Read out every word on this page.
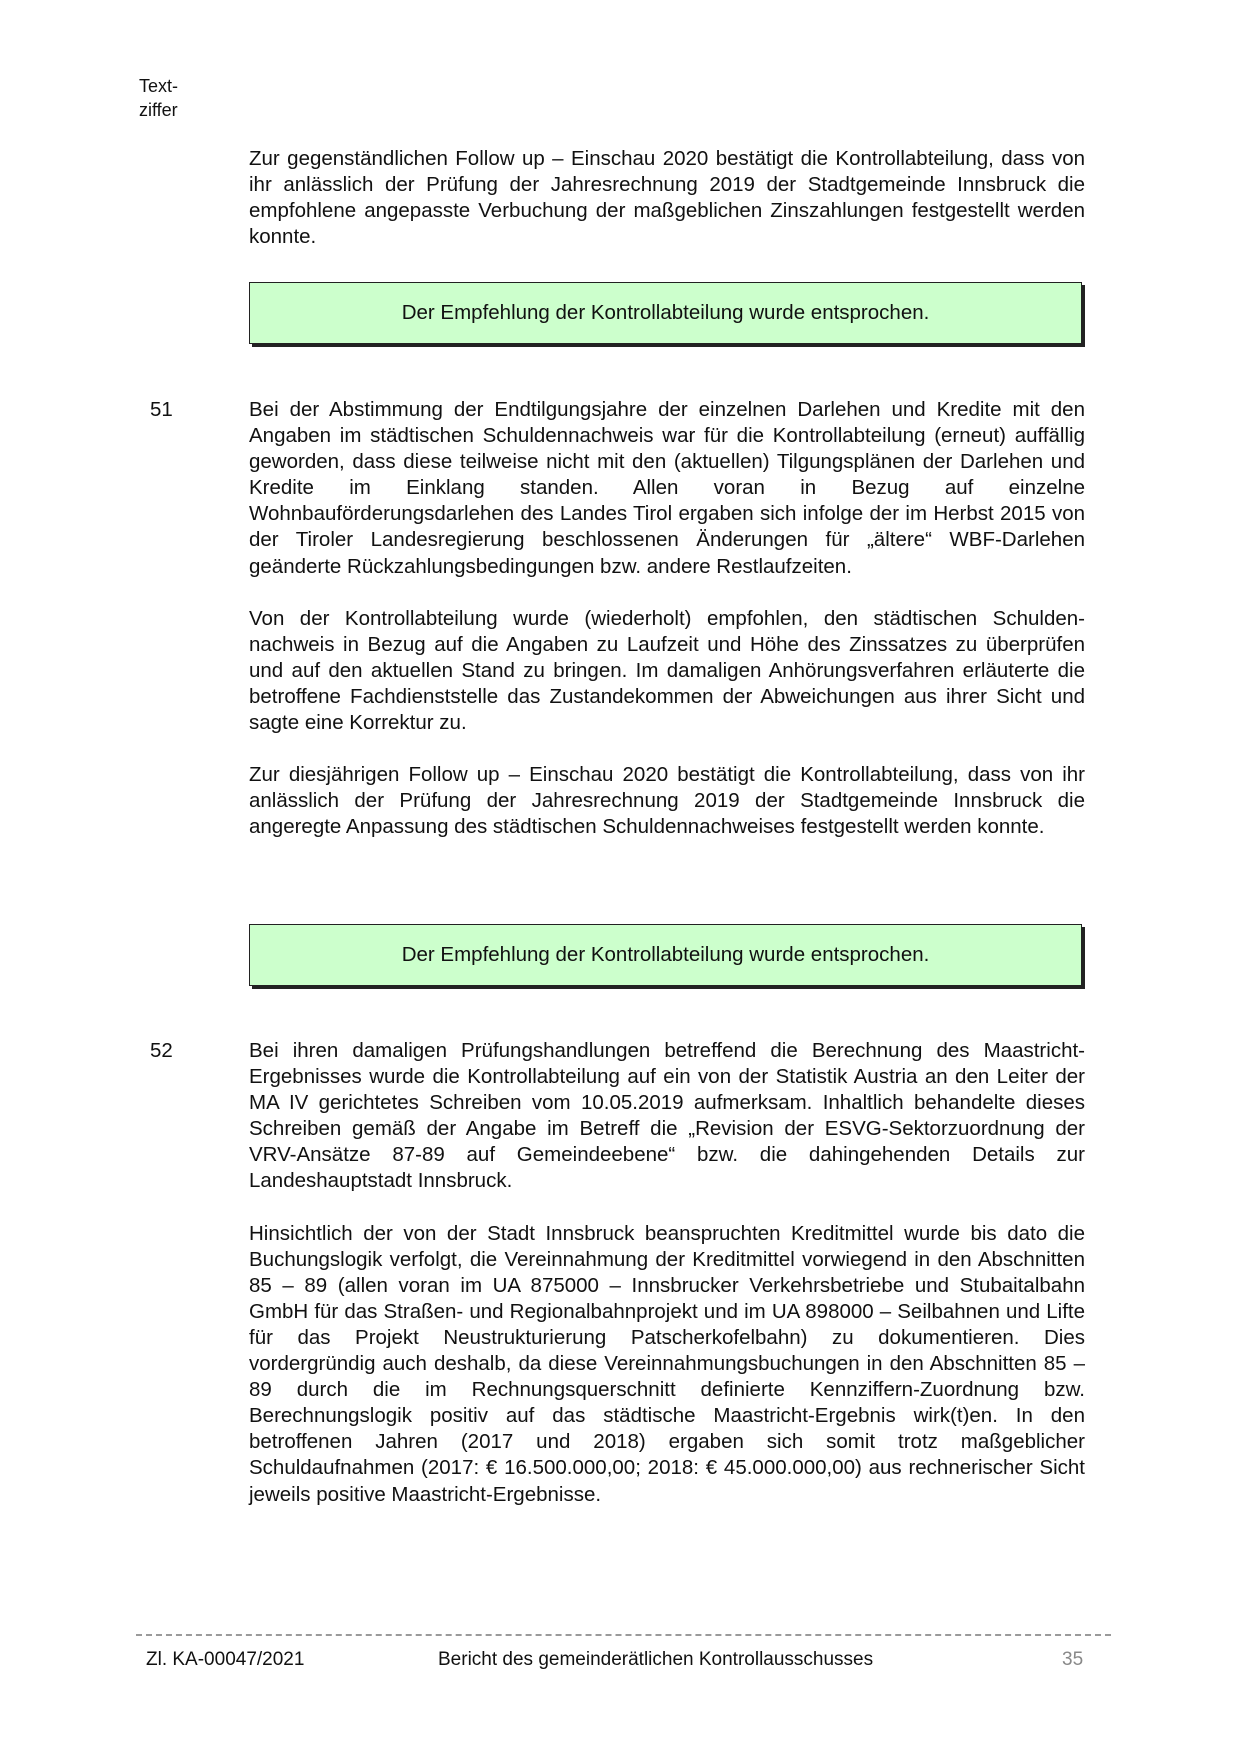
Text-
ziffer

Zur gegenständlichen Follow up – Einschau 2020 bestätigt die Kontrollabteilung, dass von ihr anlässlich der Prüfung der Jahresrechnung 2019 der Stadtgemeinde Innsbruck die empfohlene angepasste Verbuchung der maßgeblichen Zinszahlungen festgestellt werden konnte.

Der Empfehlung der Kontrollabteilung wurde entsprochen.
51	Bei der Abstimmung der Endtilgungsjahre der einzelnen Darlehen und Kredite mit den Angaben im städtischen Schuldennachweis war für die Kontrollabteilung (erneut) auffällig geworden, dass diese teilweise nicht mit den (aktuellen) Tilgungsplänen der Darlehen und Kredite im Einklang standen. Allen voran in Bezug auf einzelne Wohnbauförderungsdarlehen des Landes Tirol ergaben sich infolge der im Herbst 2015 von der Tiroler Landesregierung beschlossenen Änderungen für „ältere“ WBF-Darlehen geänderte Rückzahlungsbedingungen bzw. andere Restlaufzeiten.

Von der Kontrollabteilung wurde (wiederholt) empfohlen, den städtischen Schuldennachweis in Bezug auf die Angaben zu Laufzeit und Höhe des Zinssatzes zu überprüfen und auf den aktuellen Stand zu bringen. Im damaligen Anhörungsverfahren erläuterte die betroffene Fachdienststelle das Zustandekommen der Abweichungen aus ihrer Sicht und sagte eine Korrektur zu.

Zur diesjährigen Follow up – Einschau 2020 bestätigt die Kontrollabteilung, dass von ihr anlässlich der Prüfung der Jahresrechnung 2019 der Stadtgemeinde Innsbruck die angeregte Anpassung des städtischen Schuldennachweises festgestellt werden konnte.

Der Empfehlung der Kontrollabteilung wurde entsprochen.
52	Bei ihren damaligen Prüfungshandlungen betreffend die Berechnung des Maastricht-Ergebnisses wurde die Kontrollabteilung auf ein von der Statistik Austria an den Leiter der MA IV gerichtetes Schreiben vom 10.05.2019 aufmerksam. Inhaltlich behandelte dieses Schreiben gemäß der Angabe im Betreff die „Revision der ESVG-Sektorzuordnung der VRV-Ansätze 87-89 auf Gemeindeebene“ bzw. die dahingehenden Details zur Landeshauptstadt Innsbruck.

Hinsichtlich der von der Stadt Innsbruck beanspruchten Kreditmittel wurde bis dato die Buchungslogik verfolgt, die Vereinnahmung der Kreditmittel vorwiegend in den Abschnitten 85 – 89 (allen voran im UA 875000 – Innsbrucker Verkehrsbetriebe und Stubaitalbahn GmbH für das Straßen- und Regionalbahnprojekt und im UA 898000 – Seilbahnen und Lifte für das Projekt Neustrukturierung Patscherkofelbahn) zu dokumentieren. Dies vordergründig auch deshalb, da diese Vereinnahmungsbuchungen in den Abschnitten 85 – 89 durch die im Rechnungsquerschnitt definierte Kennziffern-Zuordnung bzw. Berechnungslogik positiv auf das städtische Maastricht-Ergebnis wirk(t)en. In den betroffenen Jahren (2017 und 2018) ergaben sich somit trotz maßgeblicher Schuldaufnahmen (2017: € 16.500.000,00; 2018: € 45.000.000,00) aus rechnerischer Sicht jeweils positive Maastricht-Ergebnisse.

Zl. KA-00047/2021	Bericht des gemeinderätlichen Kontrollausschusses	35
